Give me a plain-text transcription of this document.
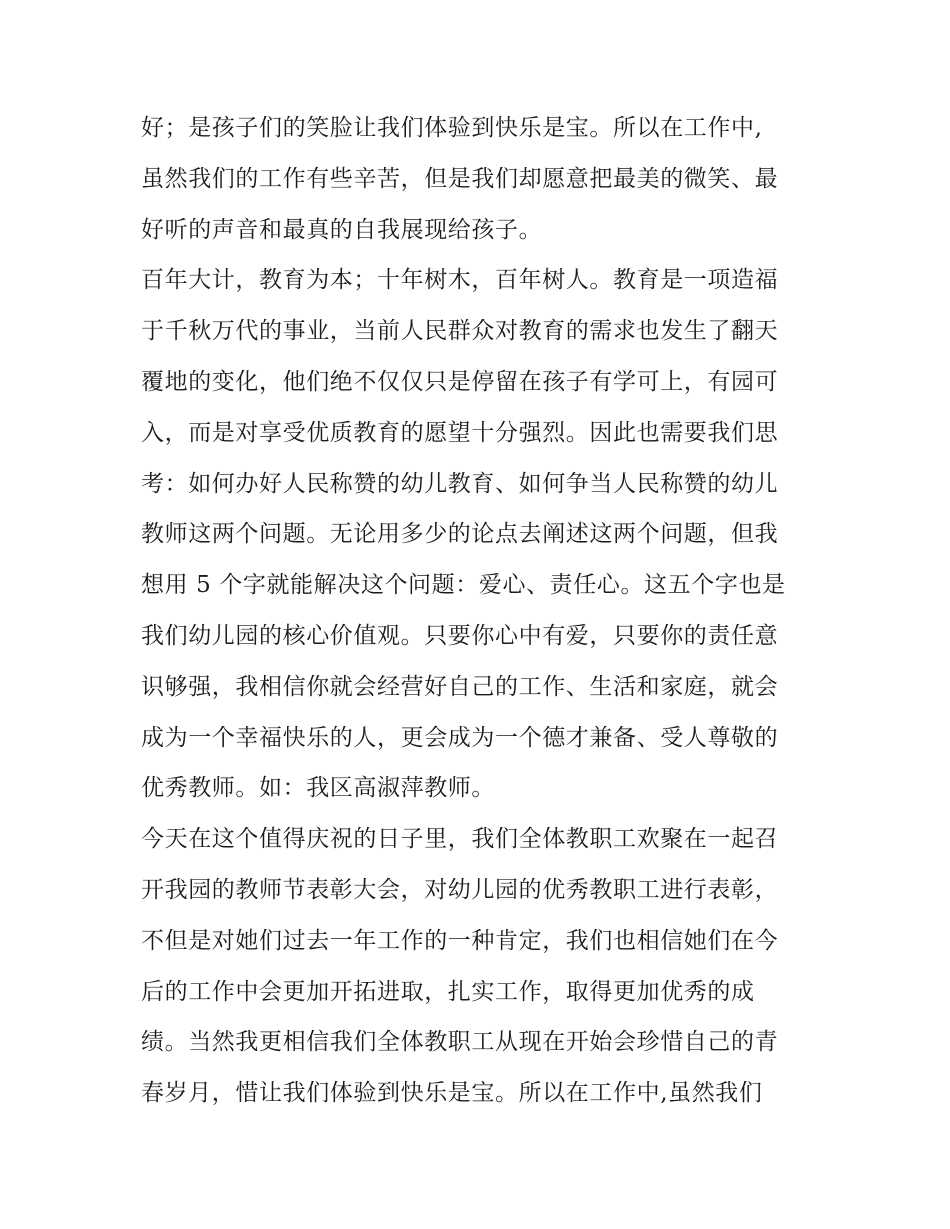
好；是孩子们的笑脸让我们体验到快乐是宝。所以在工作中,
虽然我们的工作有些辛苦，但是我们却愿意把最美的微笑、最
好听的声音和最真的自我展现给孩子。
百年大计，教育为本；十年树木，百年树人。教育是一项造福
于千秋万代的事业，当前人民群众对教育的需求也发生了翻天
覆地的变化，他们绝不仅仅只是停留在孩子有学可上，有园可
入，而是对享受优质教育的愿望十分强烈。因此也需要我们思
考：如何办好人民称赞的幼儿教育、如何争当人民称赞的幼儿
教师这两个问题。无论用多少的论点去阐述这两个问题，但我
想用 5 个字就能解决这个问题：爱心、责任心。这五个字也是
我们幼儿园的核心价值观。只要你心中有爱，只要你的责任意
识够强，我相信你就会经营好自己的工作、生活和家庭，就会
成为一个幸福快乐的人，更会成为一个德才兼备、受人尊敬的
优秀教师。如：我区高淑萍教师。
今天在这个值得庆祝的日子里，我们全体教职工欢聚在一起召
开我园的教师节表彰大会，对幼儿园的优秀教职工进行表彰，
不但是对她们过去一年工作的一种肯定，我们也相信她们在今
后的工作中会更加开拓进取，扎实工作，取得更加优秀的成
绩。当然我更相信我们全体教职工从现在开始会珍惜自己的青
春岁月，惜让我们体验到快乐是宝。所以在工作中,虽然我们
